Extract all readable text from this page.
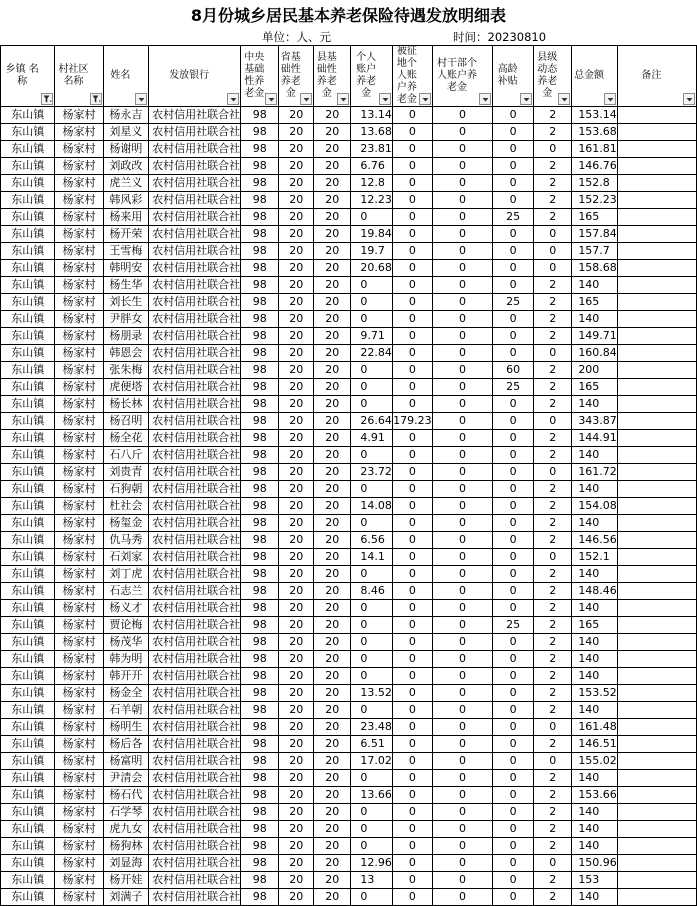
8月份城乡居民基本养老保险待遇发放明细表
单位：人、元	时间：20230810
乡镇 名称	村社区名称	姓名	发放银行	中央基础性养老金	省基础性养老金	县基础性养老金	个人账户养老金	被征地个人账户养老金	村干部个人账户养老金	高龄补贴	县级动态养老金	总金额	备注

东山镇	杨家村	杨永吉	农村信用社联合社	98	20	20	13.14	0	0	0	2	153.14	
东山镇	杨家村	刘星义	农村信用社联合社	98	20	20	13.68	0	0	0	2	153.68	
东山镇	杨家村	杨谢明	农村信用社联合社	98	20	20	23.81	0	0	0	0	161.81	
东山镇	杨家村	刘政改	农村信用社联合社	98	20	20	6.76	0	0	0	2	146.76	
东山镇	杨家村	虎兰义	农村信用社联合社	98	20	20	12.8	0	0	0	2	152.8	
东山镇	杨家村	韩风彩	农村信用社联合社	98	20	20	12.23	0	0	0	2	152.23	
东山镇	杨家村	杨来用	农村信用社联合社	98	20	20	0	0	0	25	2	165	
东山镇	杨家村	杨开荣	农村信用社联合社	98	20	20	19.84	0	0	0	0	157.84	
东山镇	杨家村	王雪梅	农村信用社联合社	98	20	20	19.7	0	0	0	0	157.7	
东山镇	杨家村	韩明安	农村信用社联合社	98	20	20	20.68	0	0	0	0	158.68	
东山镇	杨家村	杨生华	农村信用社联合社	98	20	20	0	0	0	0	2	140	
东山镇	杨家村	刘长生	农村信用社联合社	98	20	20	0	0	0	25	2	165	
东山镇	杨家村	尹胖女	农村信用社联合社	98	20	20	0	0	0	0	2	140	
东山镇	杨家村	杨朋录	农村信用社联合社	98	20	20	9.71	0	0	0	2	149.71	
东山镇	杨家村	韩恩会	农村信用社联合社	98	20	20	22.84	0	0	0	0	160.84	
东山镇	杨家村	张朱梅	农村信用社联合社	98	20	20	0	0	0	60	2	200	
东山镇	杨家村	虎便塔	农村信用社联合社	98	20	20	0	0	0	25	2	165	
东山镇	杨家村	杨长林	农村信用社联合社	98	20	20	0	0	0	0	2	140	
东山镇	杨家村	杨召明	农村信用社联合社	98	20	20	26.64	179.23	0	0	0	343.87	
东山镇	杨家村	杨全花	农村信用社联合社	98	20	20	4.91	0	0	0	2	144.91	
东山镇	杨家村	石八斤	农村信用社联合社	98	20	20	0	0	0	0	2	140	
东山镇	杨家村	刘贵青	农村信用社联合社	98	20	20	23.72	0	0	0	0	161.72	
东山镇	杨家村	石狗朝	农村信用社联合社	98	20	20	0	0	0	0	2	140	
东山镇	杨家村	杜社会	农村信用社联合社	98	20	20	14.08	0	0	0	2	154.08	
东山镇	杨家村	杨玺金	农村信用社联合社	98	20	20	0	0	0	0	2	140	
东山镇	杨家村	仇马秀	农村信用社联合社	98	20	20	6.56	0	0	0	2	146.56	
东山镇	杨家村	石刘家	农村信用社联合社	98	20	20	14.1	0	0	0	0	152.1	
东山镇	杨家村	刘丁虎	农村信用社联合社	98	20	20	0	0	0	0	2	140	
东山镇	杨家村	石志兰	农村信用社联合社	98	20	20	8.46	0	0	0	2	148.46	
东山镇	杨家村	杨义才	农村信用社联合社	98	20	20	0	0	0	0	2	140	
东山镇	杨家村	贾论梅	农村信用社联合社	98	20	20	0	0	0	25	2	165	
东山镇	杨家村	杨茂华	农村信用社联合社	98	20	20	0	0	0	0	2	140	
东山镇	杨家村	韩为明	农村信用社联合社	98	20	20	0	0	0	0	2	140	
东山镇	杨家村	韩开开	农村信用社联合社	98	20	20	0	0	0	0	2	140	
东山镇	杨家村	杨金全	农村信用社联合社	98	20	20	13.52	0	0	0	2	153.52	
东山镇	杨家村	石羊朝	农村信用社联合社	98	20	20	0	0	0	0	2	140	
东山镇	杨家村	杨明生	农村信用社联合社	98	20	20	23.48	0	0	0	0	161.48	
东山镇	杨家村	杨后各	农村信用社联合社	98	20	20	6.51	0	0	0	2	146.51	
东山镇	杨家村	杨富明	农村信用社联合社	98	20	20	17.02	0	0	0	0	155.02	
东山镇	杨家村	尹清会	农村信用社联合社	98	20	20	0	0	0	0	2	140	
东山镇	杨家村	杨石代	农村信用社联合社	98	20	20	13.66	0	0	0	2	153.66	
东山镇	杨家村	石学琴	农村信用社联合社	98	20	20	0	0	0	0	2	140	
东山镇	杨家村	虎九女	农村信用社联合社	98	20	20	0	0	0	0	2	140	
东山镇	杨家村	杨狗林	农村信用社联合社	98	20	20	0	0	0	0	2	140	
东山镇	杨家村	刘显海	农村信用社联合社	98	20	20	12.96	0	0	0	0	150.96	
东山镇	杨家村	杨开娃	农村信用社联合社	98	20	20	13	0	0	0	2	153	
东山镇	杨家村	刘满子	农村信用社联合社	98	20	20	0	0	0	0	2	140	
